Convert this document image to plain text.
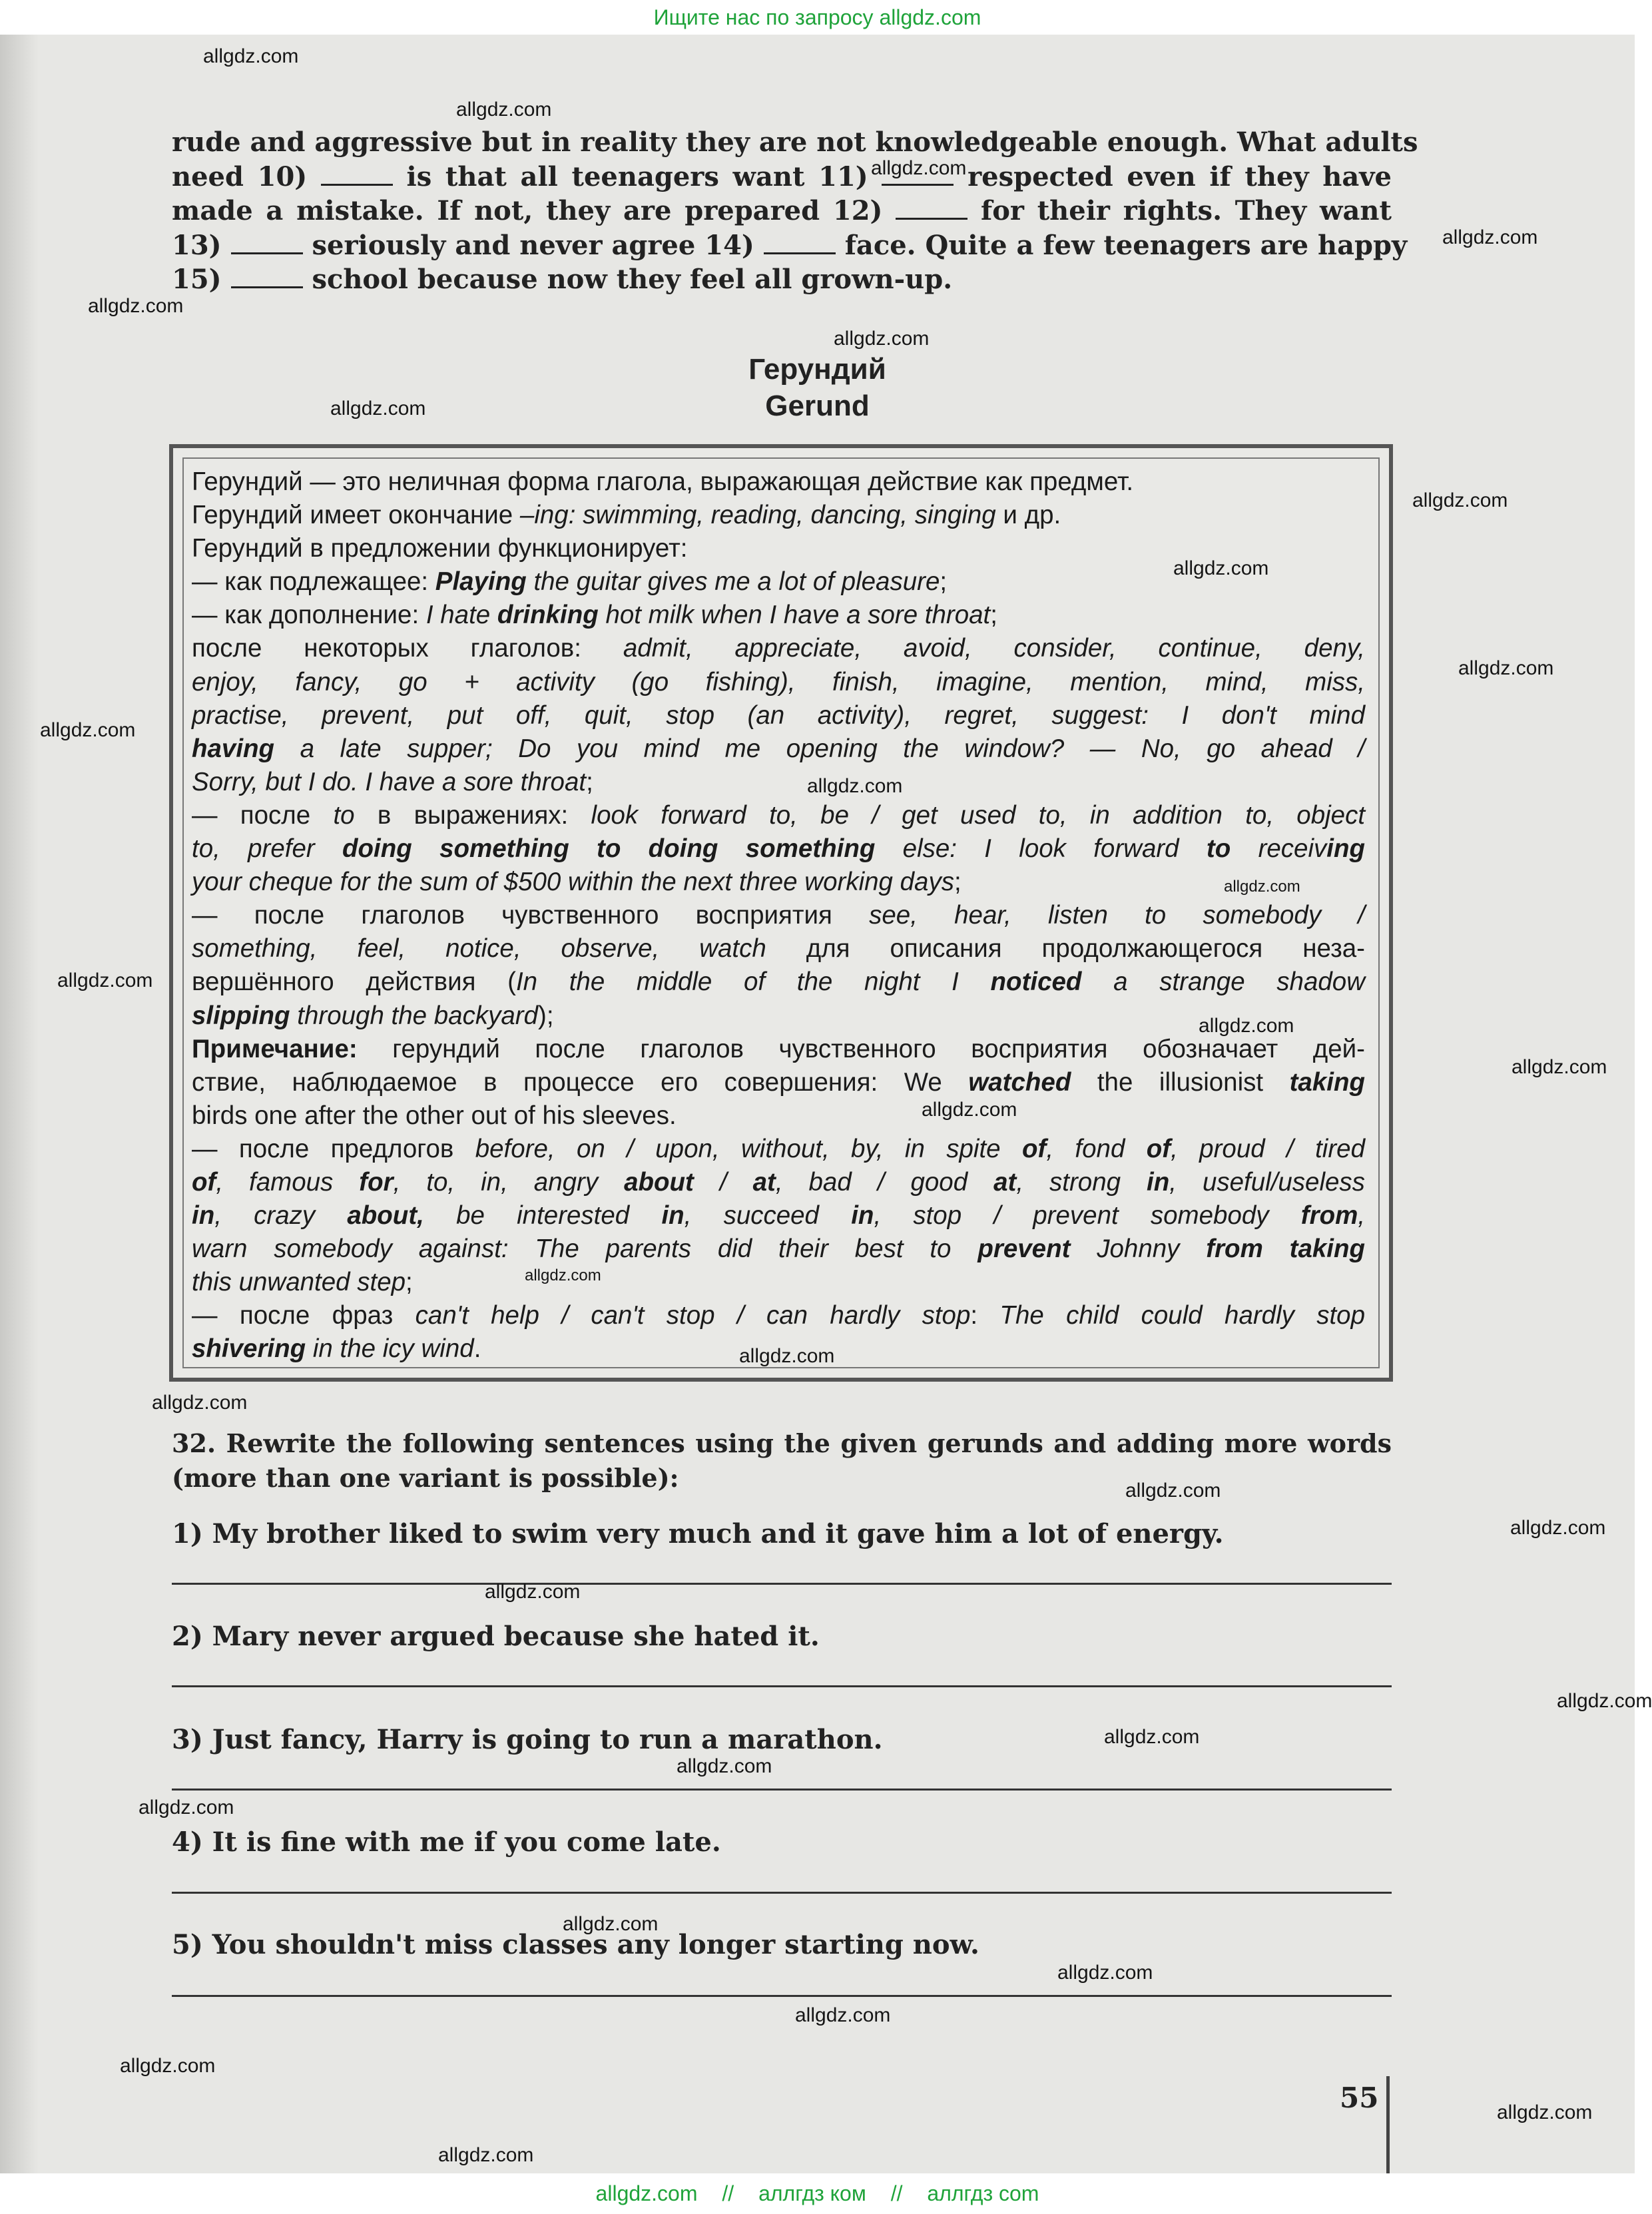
Ищите нас по запросу allgdz.com
rude and aggressive but in reality they are not knowledgeable enough. What adults
need 10)	is that all teenagers want 11)	respected even if they have
made a mistake. If not, they are prepared 12)	for their rights. They want
13)	seriously and never agree 14)	face. Quite a few teenagers are happy
15)	school because now they feel all grown-up.
Герундий
Gerund
Герундий — это неличная форма глагола, выражающая действие как предмет.
Герундий имеет окончание –ing: swimming, reading, dancing, singing и др.
Герундий в предложении функционирует:
— как подлежащее: Playing the guitar gives me a lot of pleasure;
— как дополнение: I hate drinking hot milk when I have a sore throat;
после некоторых глаголов: admit, appreciate, avoid, consider, continue, deny,
enjoy, fancy, go + activity (go fishing), finish, imagine, mention, mind, miss,
practise, prevent, put off, quit, stop (an activity), regret, suggest: I don't mind
having a late supper; Do you mind me opening the window? — No, go ahead /
Sorry, but I do. I have a sore throat;
— после to в выражениях: look forward to, be / get used to, in addition to, object
to, prefer doing something to doing something else: I look forward to receiving
your cheque for the sum of $500 within the next three working days;
— после глаголов чувственного восприятия see, hear, listen to somebody /
something, feel, notice, observe, watch для описания продолжающегося неза-
вершённого действия (In the middle of the night I noticed a strange shadow
slipping through the backyard);
Примечание: герундий после глаголов чувственного восприятия обозначает дей-
ствие, наблюдаемое в процессе его совершения: We watched the illusionist taking
birds one after the other out of his sleeves.
— после предлогов before, on / upon, without, by, in spite of, fond of, proud / tired
of, famous for, to, in, angry about / at, bad / good at, strong in, useful/useless
in, crazy about, be interested in, succeed in, stop / prevent somebody from,
warn somebody against: The parents did their best to prevent Johnny from taking
this unwanted step;
— после фраз can't help / can't stop / can hardly stop: The child could hardly stop
shivering in the icy wind.
32. Rewrite the following sentences using the given gerunds and adding more words
(more than one variant is possible):
1) My brother liked to swim very much and it gave him a lot of energy.
2) Mary never argued because she hated it.
3) Just fancy, Harry is going to run a marathon.
4) It is fine with me if you come late.
5) You shouldn't miss classes any longer starting now.
55
allgdz.com
allgdz.com
allgdz.com
allgdz.com
allgdz.com
allgdz.com
allgdz.com
allgdz.com
allgdz.com
allgdz.com
allgdz.com
allgdz.com
allgdz.com
allgdz.com
allgdz.com
allgdz.com
allgdz.com
allgdz.com
allgdz.com
allgdz.com
allgdz.com
allgdz.com
allgdz.com
allgdz.com
allgdz.com
allgdz.com
allgdz.com
allgdz.com
allgdz.com
allgdz.com
allgdz.com
allgdz.com
allgdz.com
allgdz.com // аллгдз ком // аллгдз com
